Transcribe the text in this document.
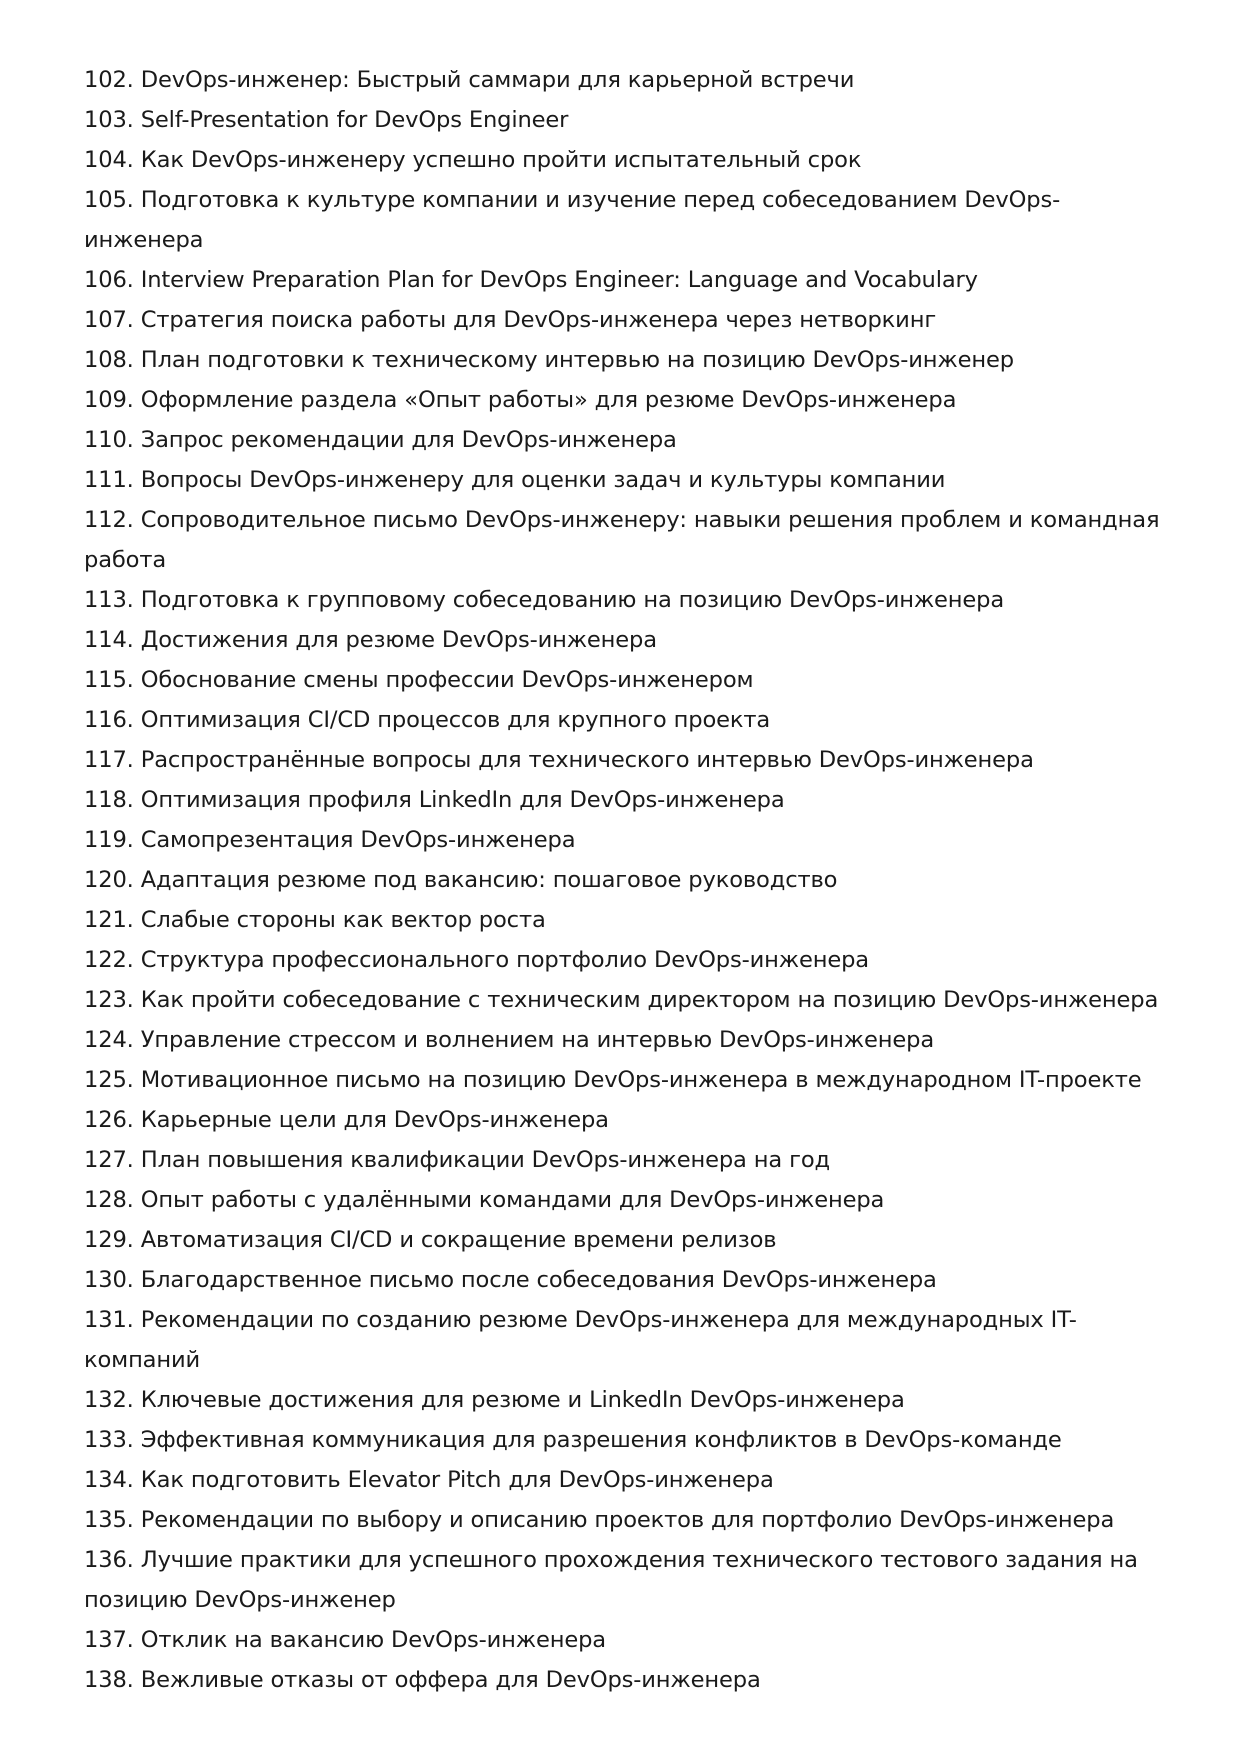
102. DevOps-инженер: Быстрый саммари для карьерной встречи
103. Self-Presentation for DevOps Engineer
104. Как DevOps-инженеру успешно пройти испытательный срок
105. Подготовка к культуре компании и изучение перед собеседованием DevOps-инженера
106. Interview Preparation Plan for DevOps Engineer: Language and Vocabulary
107. Стратегия поиска работы для DevOps-инженера через нетворкинг
108. План подготовки к техническому интервью на позицию DevOps-инженер
109. Оформление раздела «Опыт работы» для резюме DevOps-инженера
110. Запрос рекомендации для DevOps-инженера
111. Вопросы DevOps-инженеру для оценки задач и культуры компании
112. Сопроводительное письмо DevOps-инженеру: навыки решения проблем и командная работа
113. Подготовка к групповому собеседованию на позицию DevOps-инженера
114. Достижения для резюме DevOps-инженера
115. Обоснование смены профессии DevOps-инженером
116. Оптимизация CI/CD процессов для крупного проекта
117. Распространённые вопросы для технического интервью DevOps-инженера
118. Оптимизация профиля LinkedIn для DevOps-инженера
119. Самопрезентация DevOps-инженера
120. Адаптация резюме под вакансию: пошаговое руководство
121. Слабые стороны как вектор роста
122. Структура профессионального портфолио DevOps-инженера
123. Как пройти собеседование с техническим директором на позицию DevOps-инженера
124. Управление стрессом и волнением на интервью DevOps-инженера
125. Мотивационное письмо на позицию DevOps-инженера в международном IT-проекте
126. Карьерные цели для DevOps-инженера
127. План повышения квалификации DevOps-инженера на год
128. Опыт работы с удалёнными командами для DevOps-инженера
129. Автоматизация CI/CD и сокращение времени релизов
130. Благодарственное письмо после собеседования DevOps-инженера
131. Рекомендации по созданию резюме DevOps-инженера для международных IT-компаний
132. Ключевые достижения для резюме и LinkedIn DevOps-инженера
133. Эффективная коммуникация для разрешения конфликтов в DevOps-команде
134. Как подготовить Elevator Pitch для DevOps-инженера
135. Рекомендации по выбору и описанию проектов для портфолио DevOps-инженера
136. Лучшие практики для успешного прохождения технического тестового задания на позицию DevOps-инженер
137. Отклик на вакансию DevOps-инженера
138. Вежливые отказы от оффера для DevOps-инженера
